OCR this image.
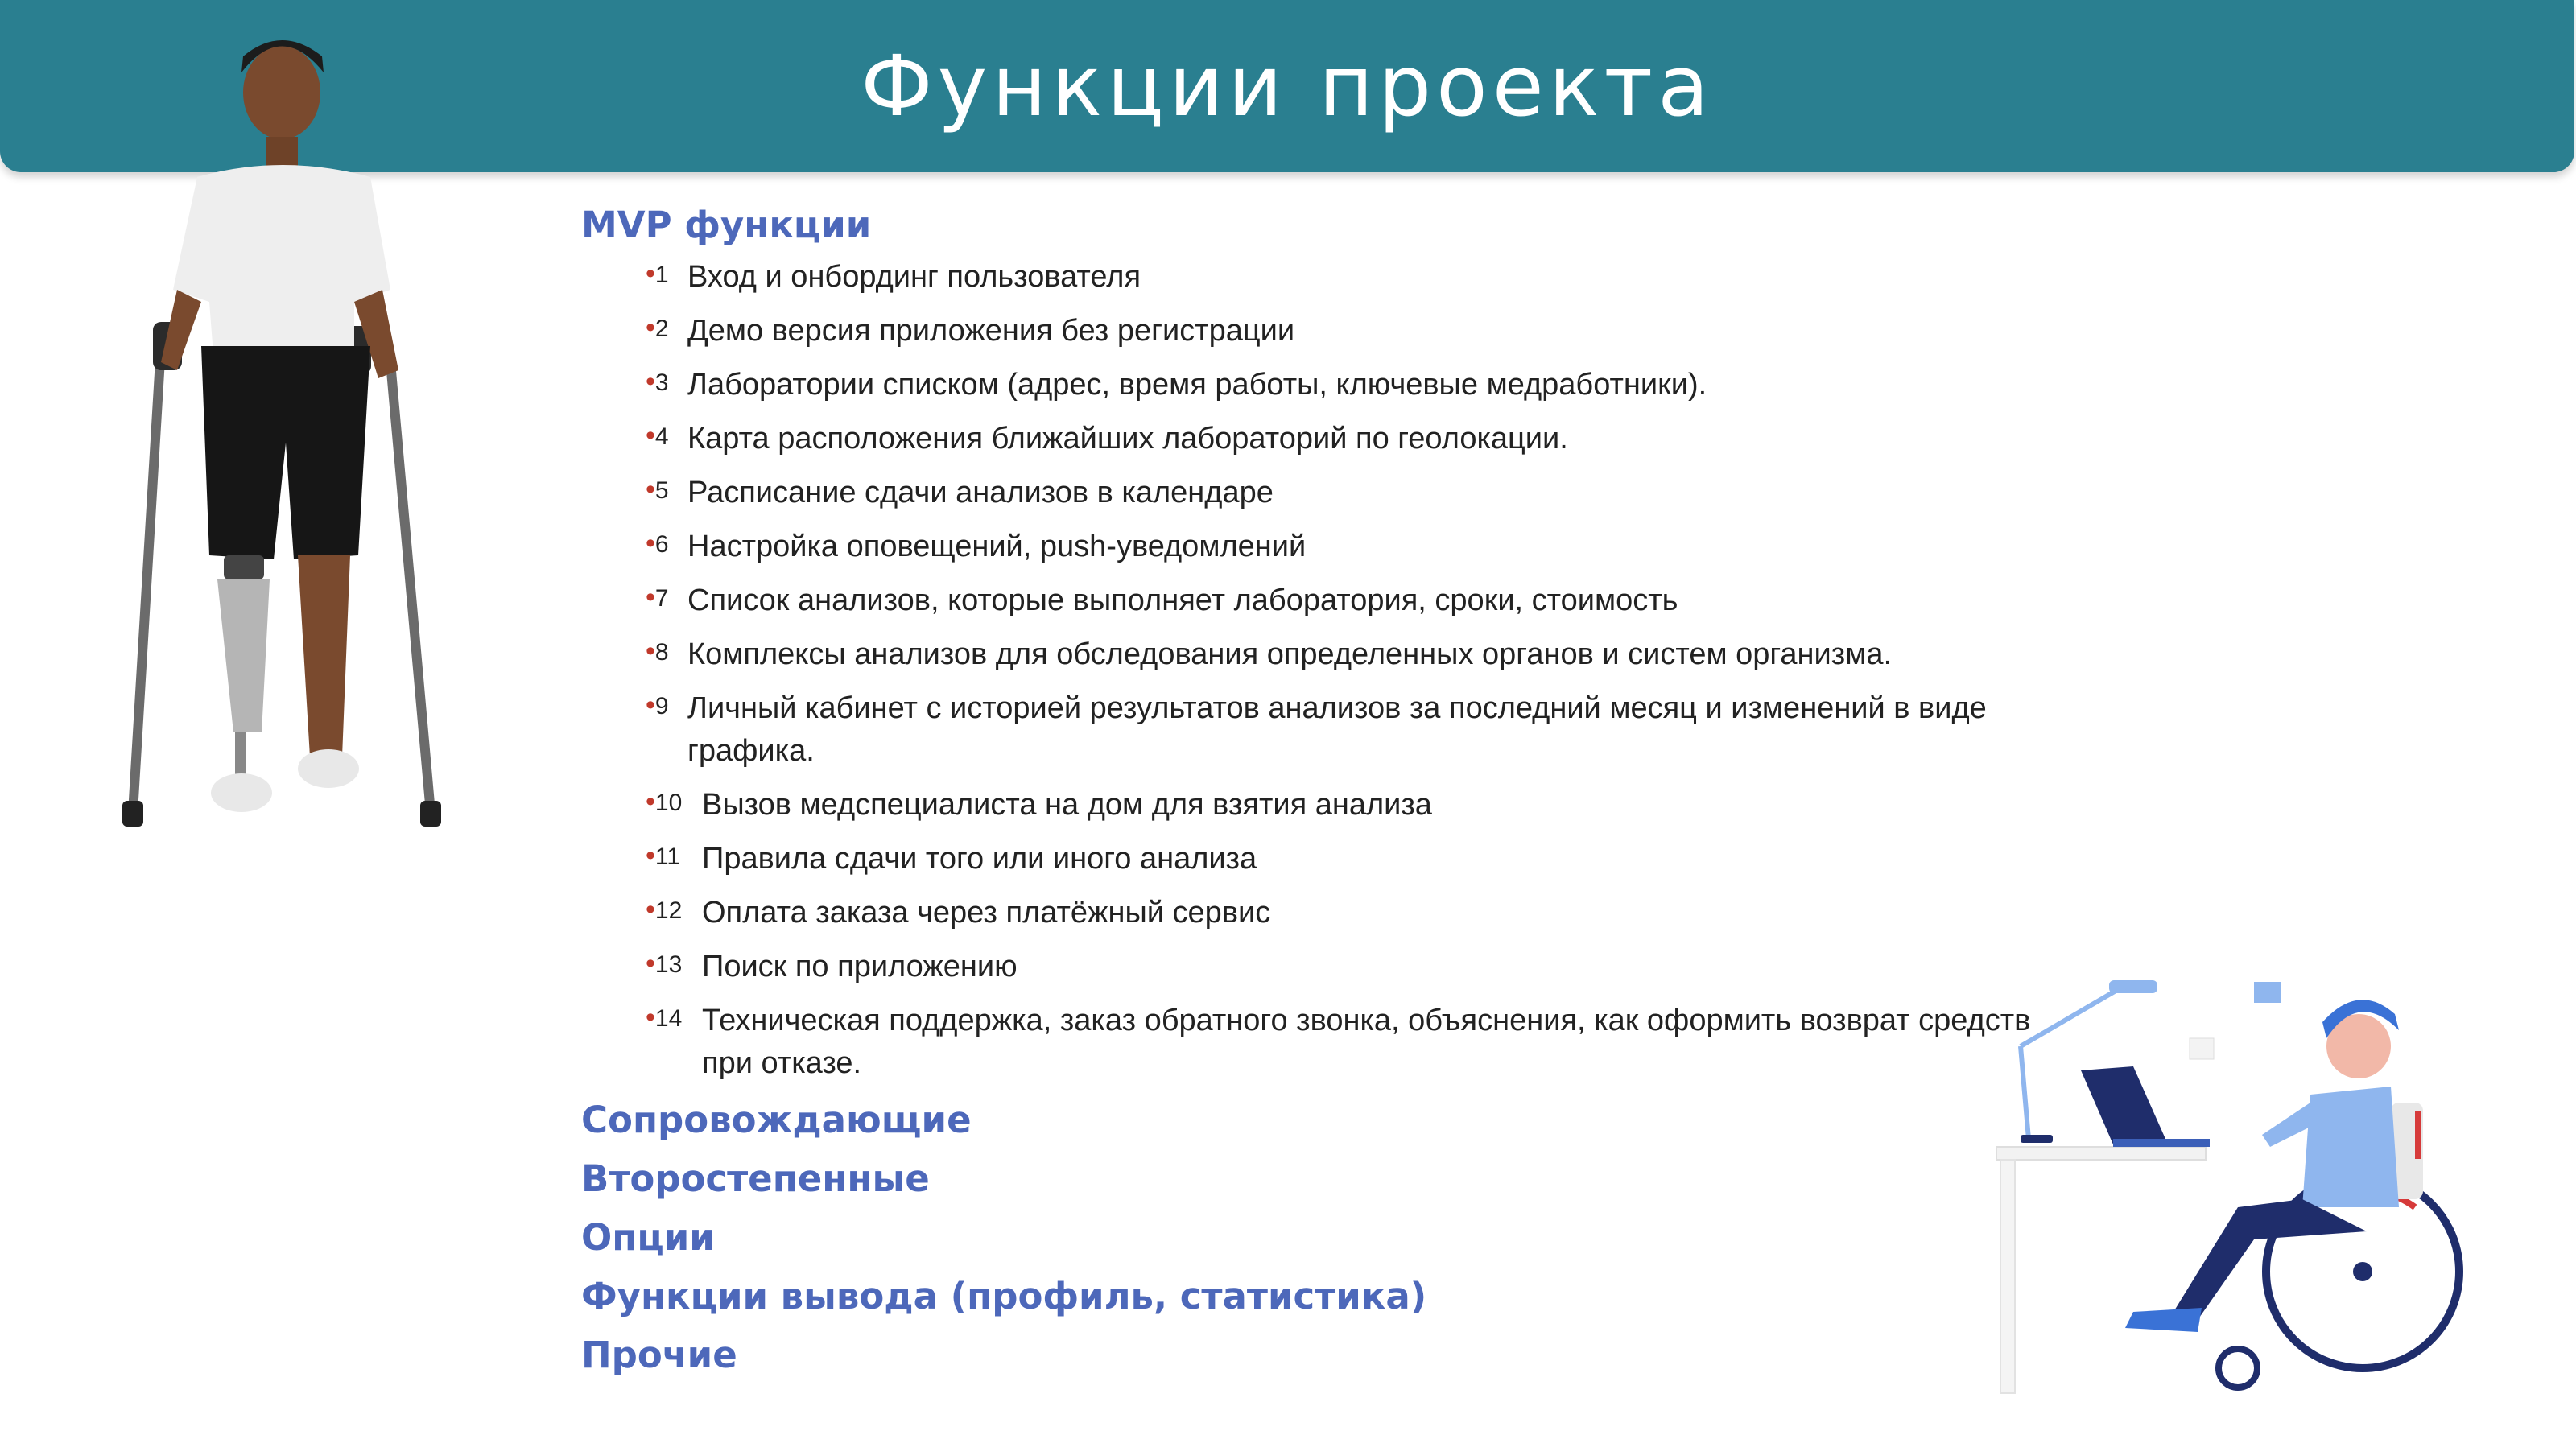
Функции проекта
MVP функции
•1 Вход и онбординг пользователя
•2 Демо версия приложения без регистрации
•3 Лаборатории списком (адрес, время работы, ключевые медработники).
•4 Карта расположения ближайших лабораторий по геолокации.
•5 Расписание сдачи анализов в календаре
•6 Настройка оповещений, push-уведомлений
•7 Список анализов, которые выполняет лаборатория, сроки, стоимость
•8 Комплексы анализов для обследования определенных органов и систем организма.
•9 Личный кабинет с историей результатов анализов за последний месяц и изменений в виде графика.
•10 Вызов медспециалиста на дом для взятия анализа
•11 Правила сдачи того или иного анализа
•12 Оплата заказа через платёжный сервис
•13 Поиск по приложению
•14 Техническая поддержка, заказ обратного звонка, объяснения, как оформить возврат средств при отказе.
Сопровождающие
Второстепенные
Опции
Функции вывода (профиль, статистика)
Прочие
